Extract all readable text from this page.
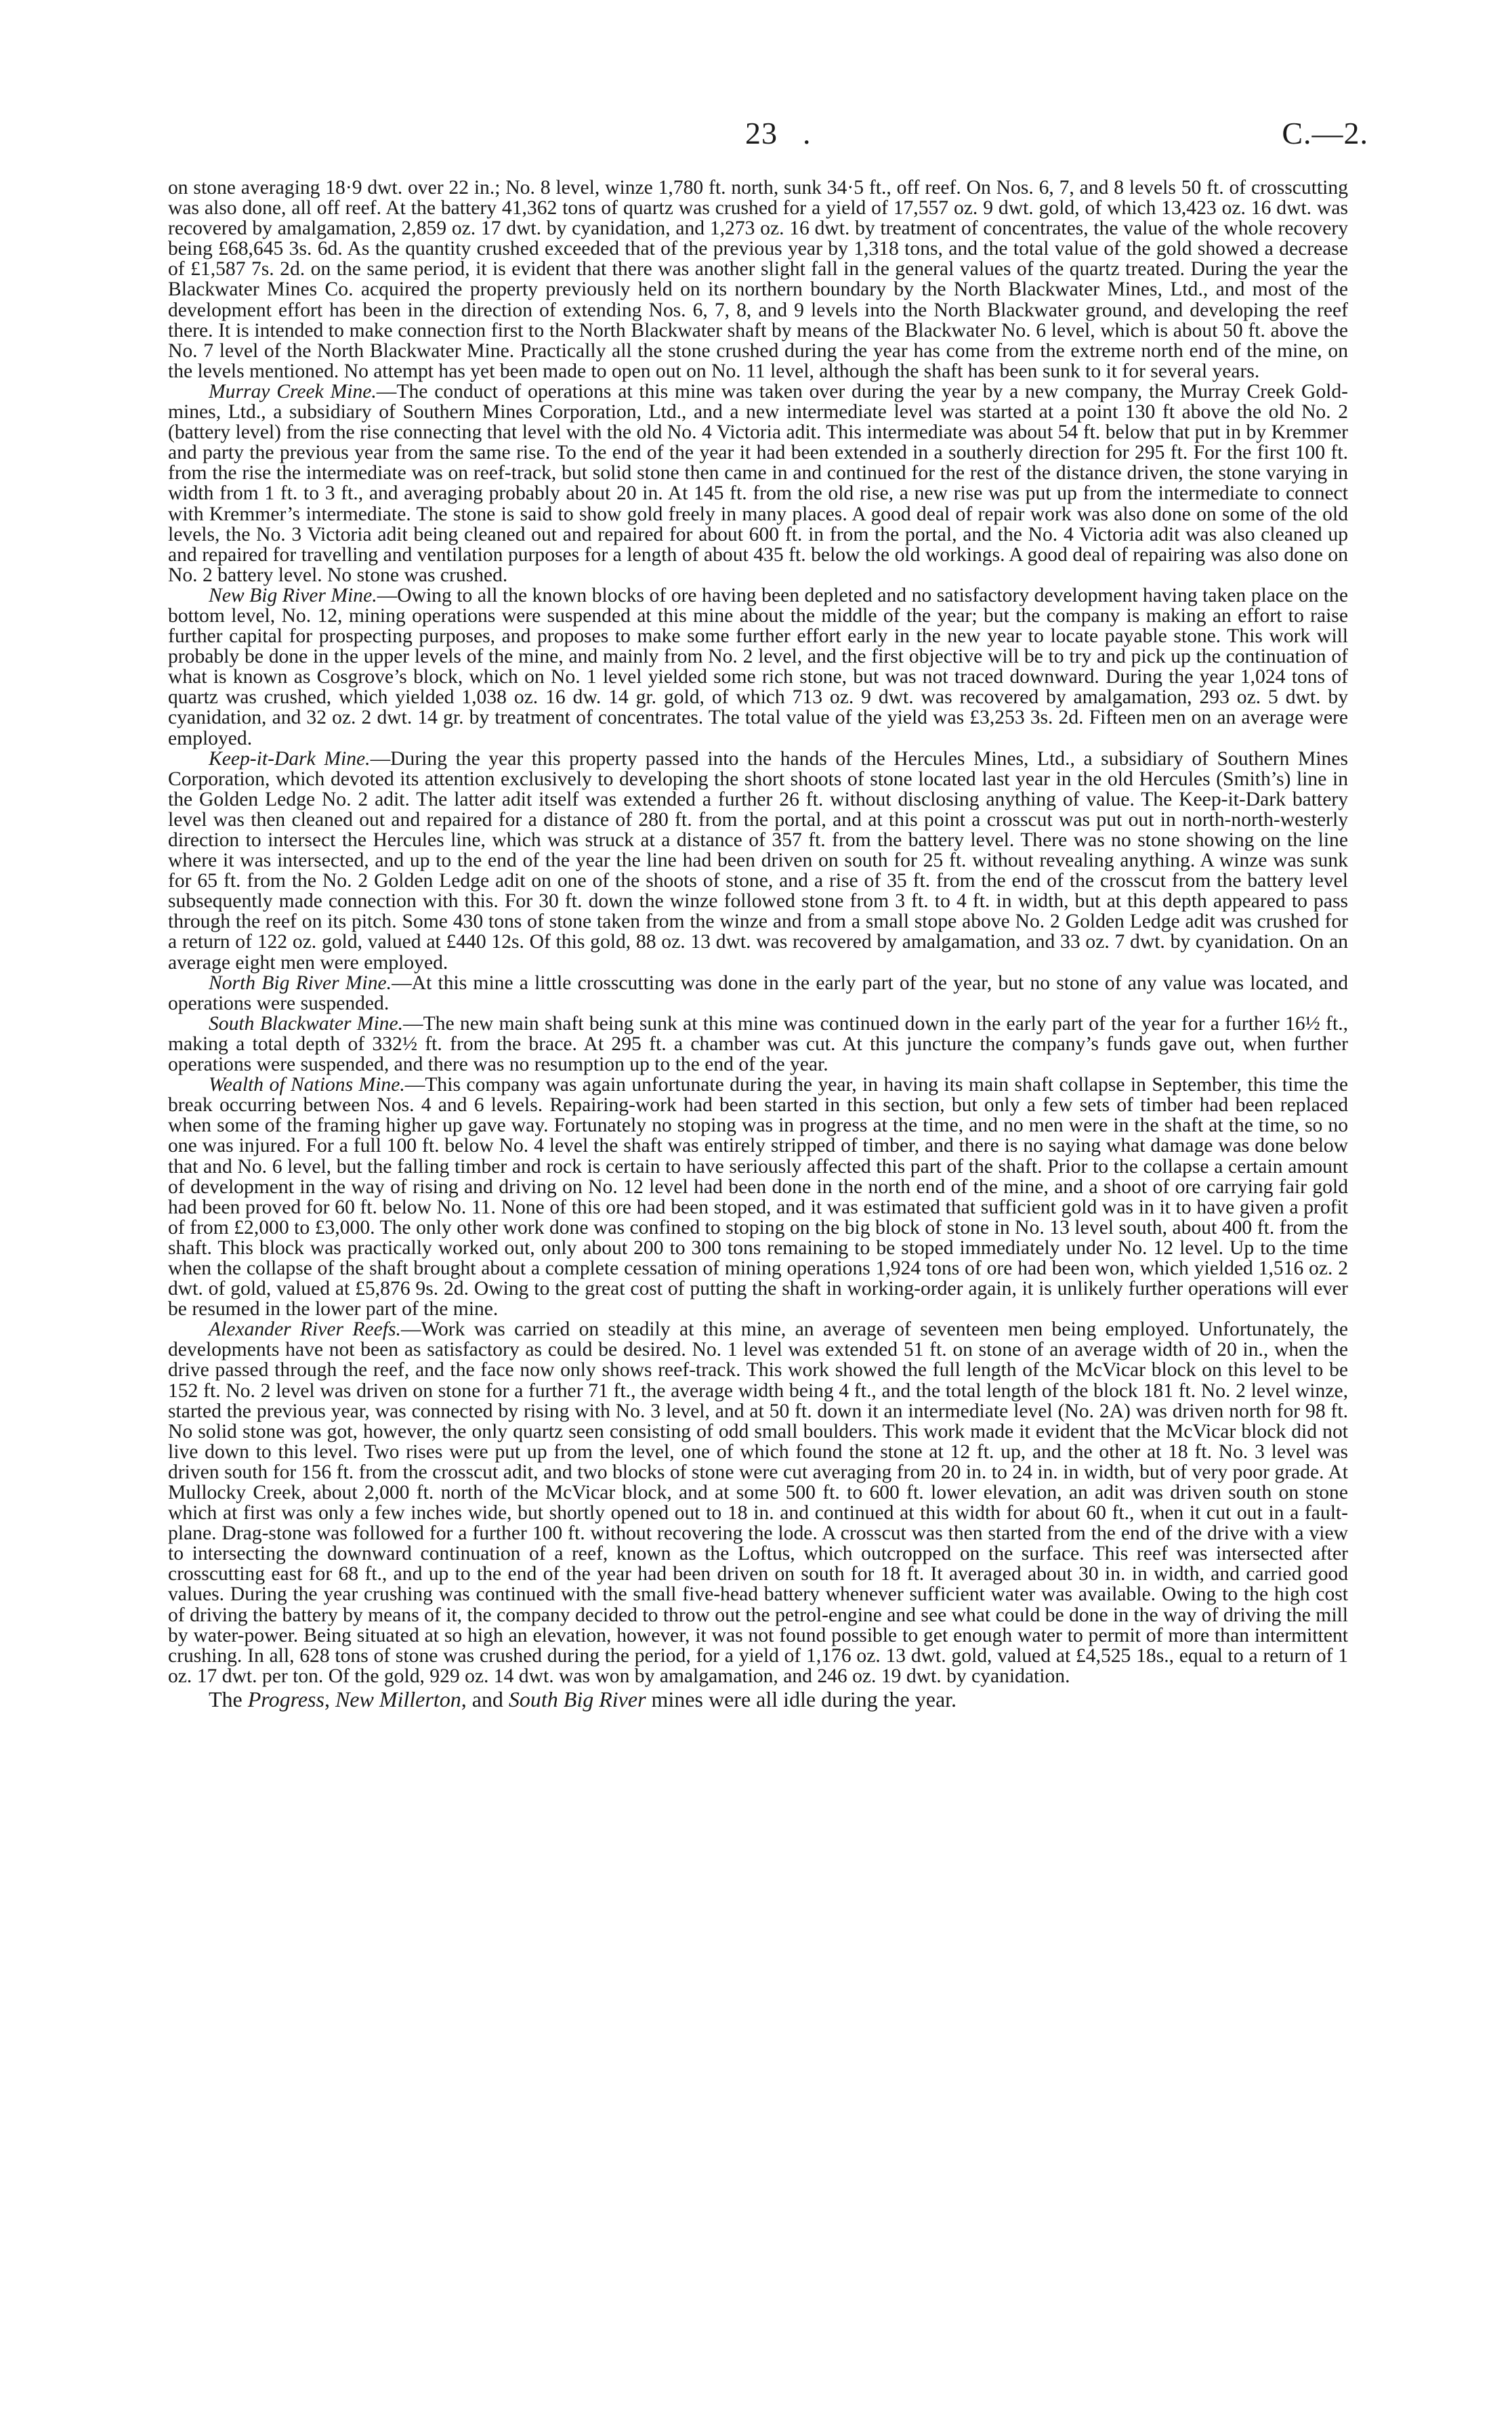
23 .	C.—2.

on stone averaging 18·9 dwt. over 22 in.; No. 8 level, winze 1,780 ft. north, sunk 34·5 ft., off reef. On Nos. 6, 7, and 8 levels 50 ft. of crosscutting was also done, all off reef. At the battery 41,362 tons of quartz was crushed for a yield of 17,557 oz. 9 dwt. gold, of which 13,423 oz. 16 dwt. was recovered by amalgamation, 2,859 oz. 17 dwt. by cyanidation, and 1,273 oz. 16 dwt. by treatment of concentrates, the value of the whole recovery being £68,645 3s. 6d. As the quantity crushed exceeded that of the previous year by 1,318 tons, and the total value of the gold showed a decrease of £1,587 7s. 2d. on the same period, it is evident that there was another slight fall in the general values of the quartz treated. During the year the Blackwater Mines Co. acquired the property previously held on its northern boundary by the North Blackwater Mines, Ltd., and most of the development effort has been in the direction of extending Nos. 6, 7, 8, and 9 levels into the North Blackwater ground, and developing the reef there. It is intended to make connection first to the North Blackwater shaft by means of the Blackwater No. 6 level, which is about 50 ft. above the No. 7 level of the North Blackwater Mine. Practically all the stone crushed during the year has come from the extreme north end of the mine, on the levels mentioned. No attempt has yet been made to open out on No. 11 level, although the shaft has been sunk to it for several years.

Murray Creek Mine.—The conduct of operations at this mine was taken over during the year by a new company, the Murray Creek Gold-mines, Ltd., a subsidiary of Southern Mines Corporation, Ltd., and a new intermediate level was started at a point 130 ft above the old No. 2 (battery level) from the rise connecting that level with the old No. 4 Victoria adit. This intermediate was about 54 ft. below that put in by Kremmer and party the previous year from the same rise. To the end of the year it had been extended in a southerly direction for 295 ft. For the first 100 ft. from the rise the intermediate was on reef-track, but solid stone then came in and continued for the rest of the distance driven, the stone varying in width from 1 ft. to 3 ft., and averaging probably about 20 in. At 145 ft. from the old rise, a new rise was put up from the intermediate to connect with Kremmer’s intermediate. The stone is said to show gold freely in many places. A good deal of repair work was also done on some of the old levels, the No. 3 Victoria adit being cleaned out and repaired for about 600 ft. in from the portal, and the No. 4 Victoria adit was also cleaned up and repaired for travelling and ventilation purposes for a length of about 435 ft. below the old workings. A good deal of repairing was also done on No. 2 battery level. No stone was crushed.

New Big River Mine.—Owing to all the known blocks of ore having been depleted and no satisfactory development having taken place on the bottom level, No. 12, mining operations were suspended at this mine about the middle of the year; but the company is making an effort to raise further capital for prospecting purposes, and proposes to make some further effort early in the new year to locate payable stone. This work will probably be done in the upper levels of the mine, and mainly from No. 2 level, and the first objective will be to try and pick up the continuation of what is known as Cosgrove’s block, which on No. 1 level yielded some rich stone, but was not traced downward. During the year 1,024 tons of quartz was crushed, which yielded 1,038 oz. 16 dw. 14 gr. gold, of which 713 oz. 9 dwt. was recovered by amalgamation, 293 oz. 5 dwt. by cyanidation, and 32 oz. 2 dwt. 14 gr. by treatment of concentrates. The total value of the yield was £3,253 3s. 2d. Fifteen men on an average were employed.

Keep-it-Dark Mine.—During the year this property passed into the hands of the Hercules Mines, Ltd., a subsidiary of Southern Mines Corporation, which devoted its attention exclusively to developing the short shoots of stone located last year in the old Hercules (Smith’s) line in the Golden Ledge No. 2 adit. The latter adit itself was extended a further 26 ft. without disclosing anything of value. The Keep-it-Dark battery level was then cleaned out and repaired for a distance of 280 ft. from the portal, and at this point a crosscut was put out in north-north-westerly direction to intersect the Hercules line, which was struck at a distance of 357 ft. from the battery level. There was no stone showing on the line where it was intersected, and up to the end of the year the line had been driven on south for 25 ft. without revealing anything. A winze was sunk for 65 ft. from the No. 2 Golden Ledge adit on one of the shoots of stone, and a rise of 35 ft. from the end of the crosscut from the battery level subsequently made connection with this. For 30 ft. down the winze followed stone from 3 ft. to 4 ft. in width, but at this depth appeared to pass through the reef on its pitch. Some 430 tons of stone taken from the winze and from a small stope above No. 2 Golden Ledge adit was crushed for a return of 122 oz. gold, valued at £440 12s. Of this gold, 88 oz. 13 dwt. was recovered by amalgamation, and 33 oz. 7 dwt. by cyanidation. On an average eight men were employed.

North Big River Mine.—At this mine a little crosscutting was done in the early part of the year, but no stone of any value was located, and operations were suspended.

South Blackwater Mine.—The new main shaft being sunk at this mine was continued down in the early part of the year for a further 16½ ft., making a total depth of 332½ ft. from the brace. At 295 ft. a chamber was cut. At this juncture the company’s funds gave out, when further operations were suspended, and there was no resumption up to the end of the year.

Wealth of Nations Mine.—This company was again unfortunate during the year, in having its main shaft collapse in September, this time the break occurring between Nos. 4 and 6 levels. Repairing-work had been started in this section, but only a few sets of timber had been replaced when some of the framing higher up gave way. Fortunately no stoping was in progress at the time, and no men were in the shaft at the time, so no one was injured. For a full 100 ft. below No. 4 level the shaft was entirely stripped of timber, and there is no saying what damage was done below that and No. 6 level, but the falling timber and rock is certain to have seriously affected this part of the shaft. Prior to the collapse a certain amount of development in the way of rising and driving on No. 12 level had been done in the north end of the mine, and a shoot of ore carrying fair gold had been proved for 60 ft. below No. 11. None of this ore had been stoped, and it was estimated that sufficient gold was in it to have given a profit of from £2,000 to £3,000. The only other work done was confined to stoping on the big block of stone in No. 13 level south, about 400 ft. from the shaft. This block was practically worked out, only about 200 to 300 tons remaining to be stoped immediately under No. 12 level. Up to the time when the collapse of the shaft brought about a complete cessation of mining operations 1,924 tons of ore had been won, which yielded 1,516 oz. 2 dwt. of gold, valued at £5,876 9s. 2d. Owing to the great cost of putting the shaft in working-order again, it is unlikely further operations will ever be resumed in the lower part of the mine.

Alexander River Reefs.—Work was carried on steadily at this mine, an average of seventeen men being employed. Unfortunately, the developments have not been as satisfactory as could be desired. No. 1 level was extended 51 ft. on stone of an average width of 20 in., when the drive passed through the reef, and the face now only shows reef-track. This work showed the full length of the McVicar block on this level to be 152 ft. No. 2 level was driven on stone for a further 71 ft., the average width being 4 ft., and the total length of the block 181 ft. No. 2 level winze, started the previous year, was connected by rising with No. 3 level, and at 50 ft. down it an intermediate level (No. 2A) was driven north for 98 ft. No solid stone was got, however, the only quartz seen consisting of odd small boulders. This work made it evident that the McVicar block did not live down to this level. Two rises were put up from the level, one of which found the stone at 12 ft. up, and the other at 18 ft. No. 3 level was driven south for 156 ft. from the crosscut adit, and two blocks of stone were cut averaging from 20 in. to 24 in. in width, but of very poor grade. At Mullocky Creek, about 2,000 ft. north of the McVicar block, and at some 500 ft. to 600 ft. lower elevation, an adit was driven south on stone which at first was only a few inches wide, but shortly opened out to 18 in. and continued at this width for about 60 ft., when it cut out in a fault-plane. Drag-stone was followed for a further 100 ft. without recovering the lode. A crosscut was then started from the end of the drive with a view to intersecting the downward continuation of a reef, known as the Loftus, which outcropped on the surface. This reef was intersected after crosscutting east for 68 ft., and up to the end of the year had been driven on south for 18 ft. It averaged about 30 in. in width, and carried good values. During the year crushing was continued with the small five-head battery whenever sufficient water was available. Owing to the high cost of driving the battery by means of it, the company decided to throw out the petrol-engine and see what could be done in the way of driving the mill by water-power. Being situated at so high an elevation, however, it was not found possible to get enough water to permit of more than intermittent crushing. In all, 628 tons of stone was crushed during the period, for a yield of 1,176 oz. 13 dwt. gold, valued at £4,525 18s., equal to a return of 1 oz. 17 dwt. per ton. Of the gold, 929 oz. 14 dwt. was won by amalgamation, and 246 oz. 19 dwt. by cyanidation.

The Progress, New Millerton, and South Big River mines were all idle during the year.
